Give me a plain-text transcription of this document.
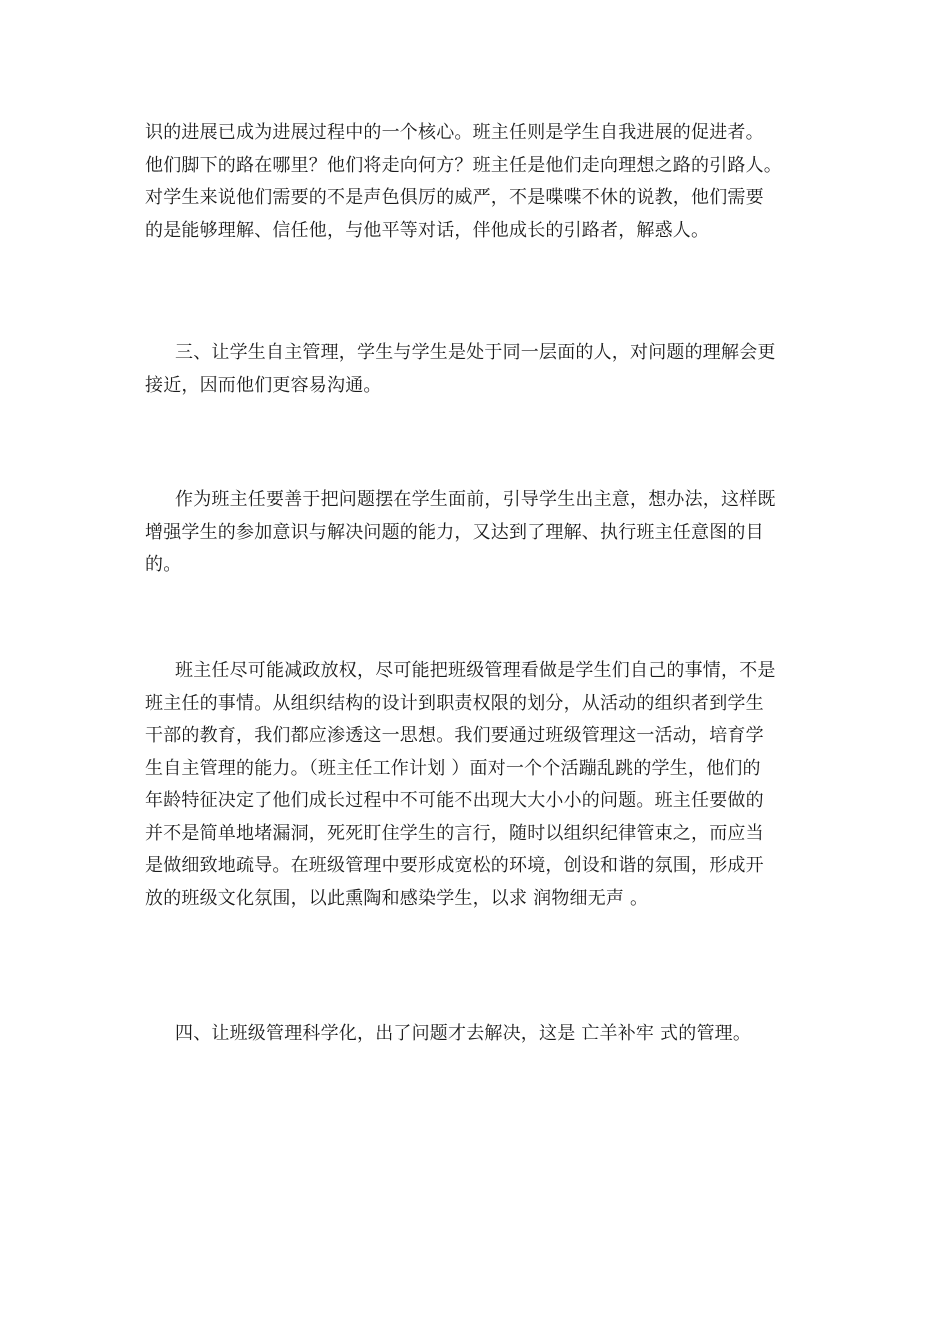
识的进展已成为进展过程中的一个核心。班主任则是学生自我进展的促进者。
他们脚下的路在哪里？他们将走向何方？班主任是他们走向理想之路的引路人。
对学生来说他们需要的不是声色俱厉的威严，不是喋喋不休的说教，他们需要
的是能够理解、信任他，与他平等对话，伴他成长的引路者，解惑人。

三、让学生自主管理，学生与学生是处于同一层面的人，对问题的理解会更
接近，因而他们更容易沟通。

作为班主任要善于把问题摆在学生面前，引导学生出主意，想办法，这样既
增强学生的参加意识与解决问题的能力，又达到了理解、执行班主任意图的目
的。

班主任尽可能减政放权，尽可能把班级管理看做是学生们自己的事情，不是
班主任的事情。从组织结构的设计到职责权限的划分，从活动的组织者到学生
干部的教育，我们都应渗透这一思想。我们要通过班级管理这一活动，培育学
生自主管理的能力。（班主任工作计划 ）面对一个个活蹦乱跳的学生，他们的
年龄特征决定了他们成长过程中不可能不出现大大小小的问题。班主任要做的
并不是简单地堵漏洞，死死盯住学生的言行，随时以组织纪律管束之，而应当
是做细致地疏导。在班级管理中要形成宽松的环境，创设和谐的氛围，形成开
放的班级文化氛围，以此熏陶和感染学生，以求 润物细无声 。

四、让班级管理科学化，出了问题才去解决，这是 亡羊补牢 式的管理。
